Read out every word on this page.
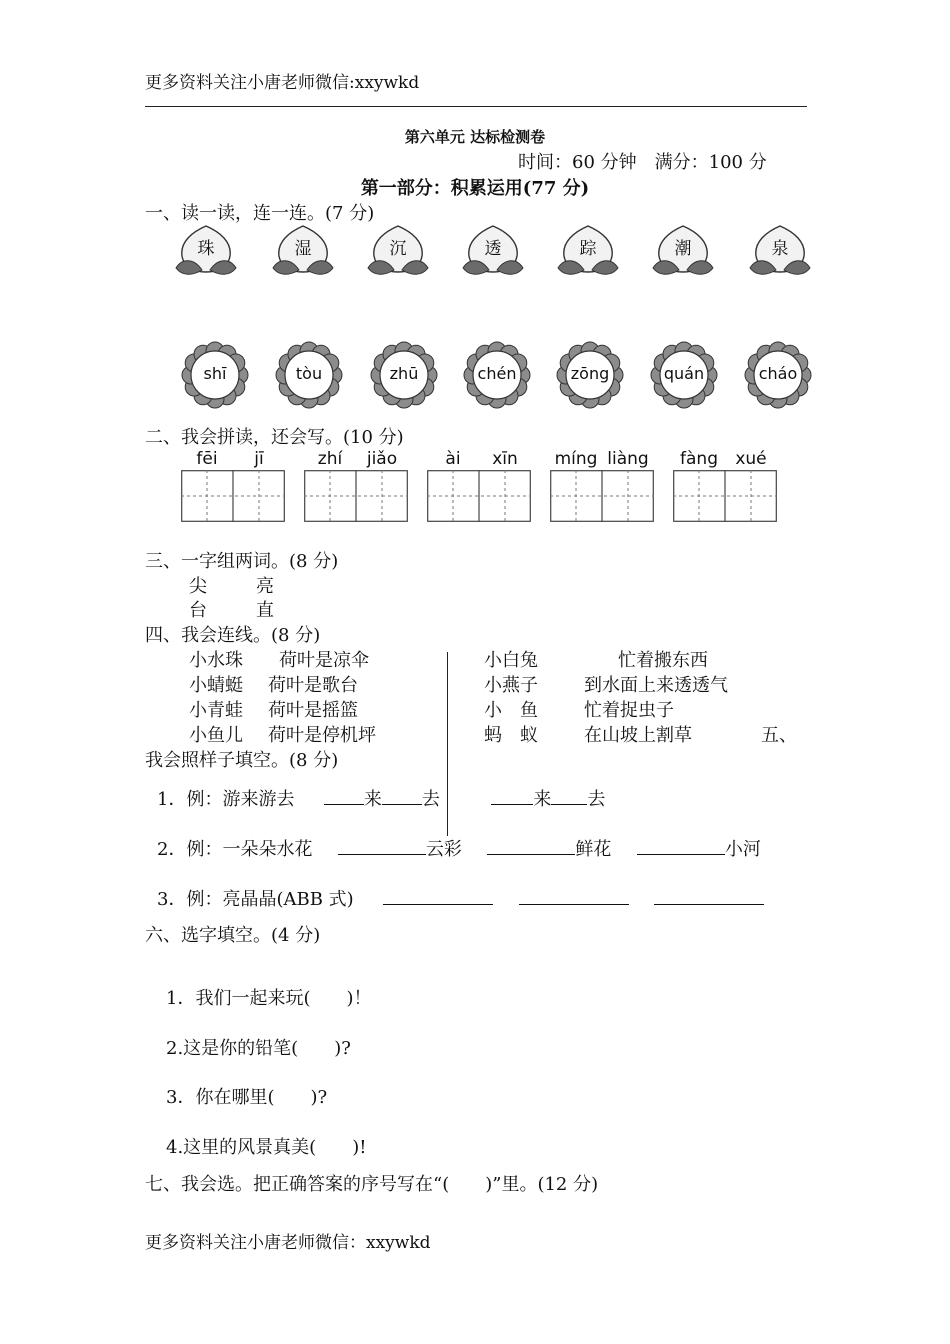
更多资料关注小唐老师微信:xxywkd
第六单元 达标检测卷
时间：60 分钟　满分：100 分
第一部分：积累运用(77 分)
一、读一读，连一连。(7 分)
珠	湿	沉	透	踪	潮	泉
shī	tòu	zhū	chén	zōng	quán	cháo
二、我会拼读，还会写。(10 分)
fēi	jī	zhí	jiǎo	ài	xīn	míng liàng	fàng	xué
三、一字组两词。(8 分)
尖	亮
台	直
四、我会连线。(8 分)
小水珠 荷叶是凉伞
小蜻蜓 荷叶是歌台
小青蛙 荷叶是摇篮
小鱼儿 荷叶是停机坪
小白兔	忙着搬东西
小燕子	到水面上来透透气
小　鱼	忙着捉虫子
蚂　蚁	在山坡上割草	五、
我会照样子填空。(8 分)
1．例：游来游去	来 去	来 去
2．例：一朵朵水花	云彩	鲜花	小河
3．例：亮晶晶(ABB 式)
六、选字填空。(4 分)
1．我们一起来玩(　　)！
2.这是你的铅笔(　　)?
3．你在哪里(　　)?
4.这里的风景真美(　　)!
七、我会选。把正确答案的序号写在“(　　)”里。(12 分)
更多资料关注小唐老师微信：xxywkd
